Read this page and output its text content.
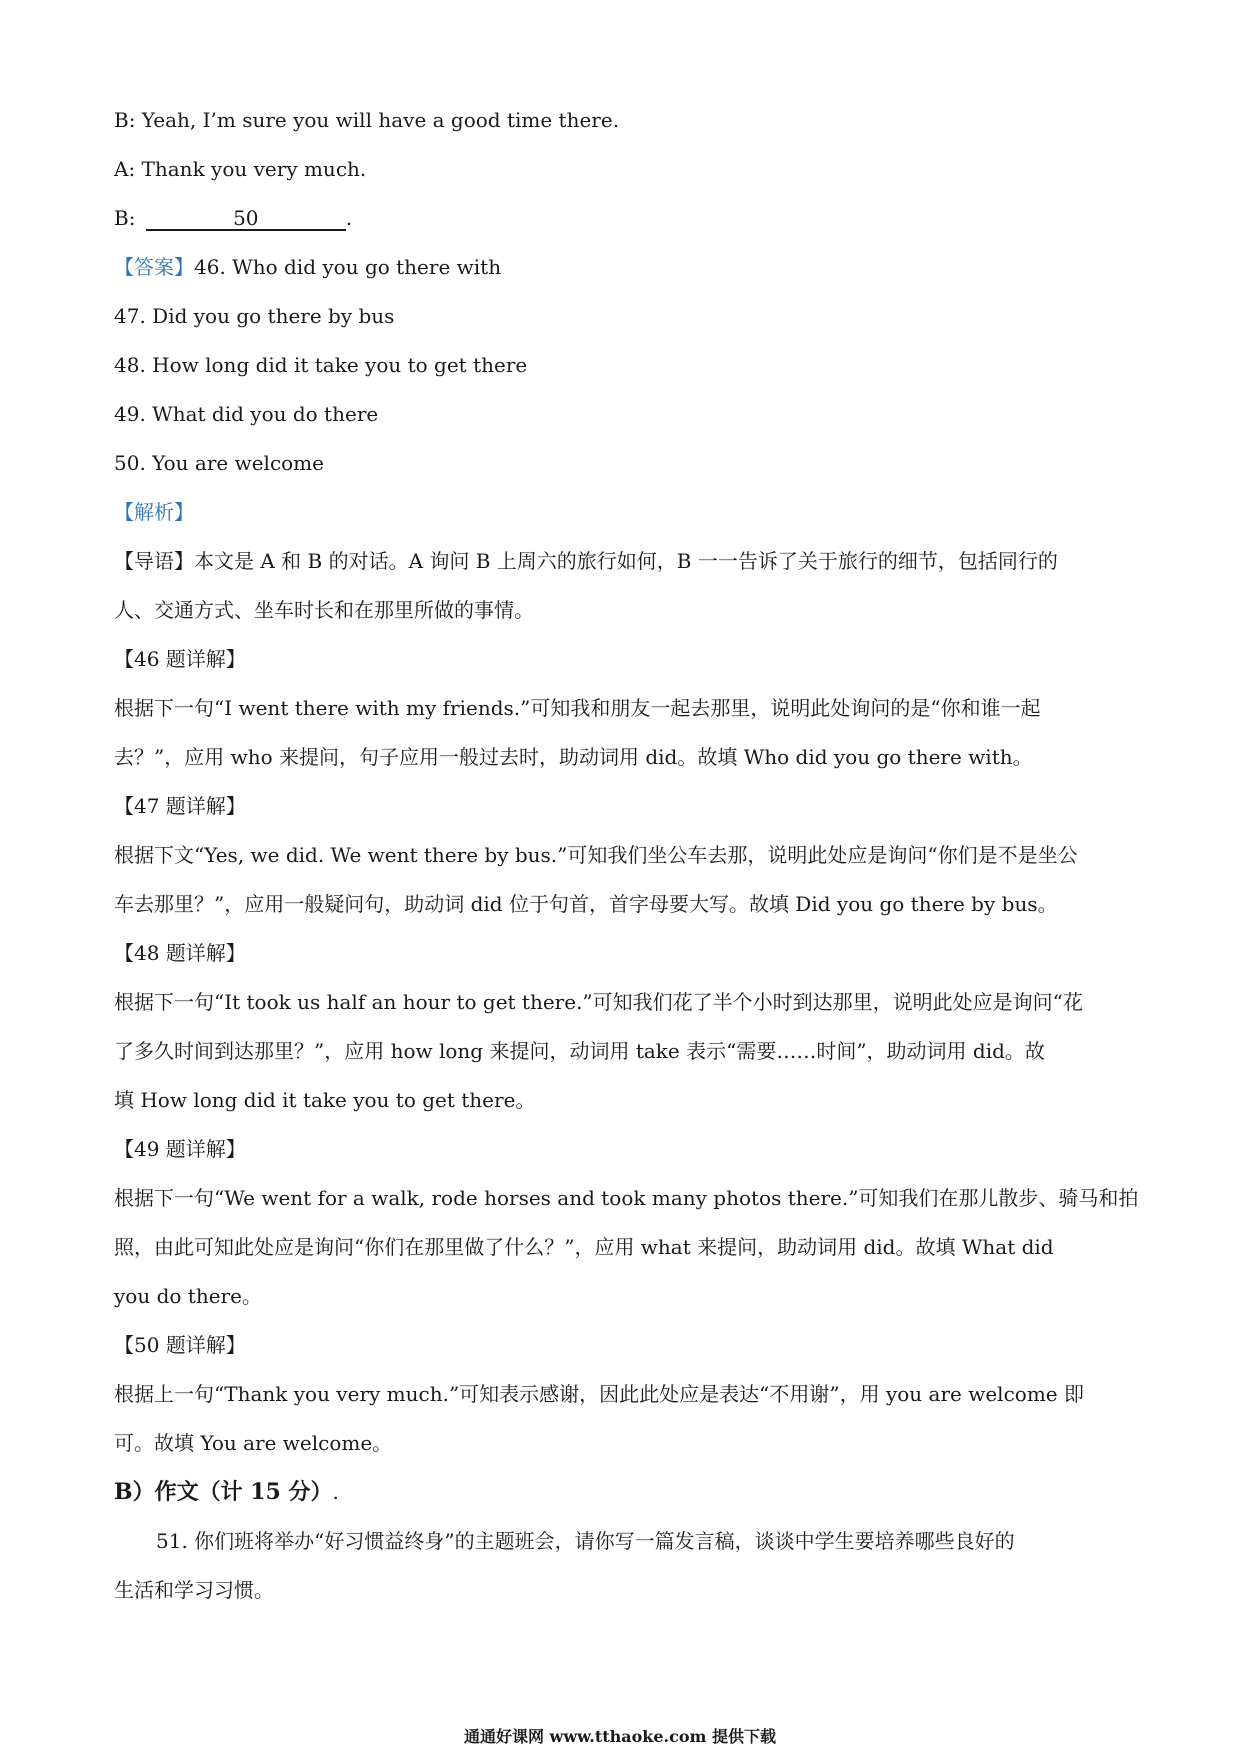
B: Yeah, I’m sure you will have a good time there.
A: Thank you very much.
B:	50	.
【答案】46. Who did you go there with
47. Did you go there by bus
48. How long did it take you to get there
49. What did you do there
50. You are welcome
【解析】
【导语】本文是 A 和 B 的对话。A 询问 B 上周六的旅行如何，B 一一告诉了关于旅行的细节，包括同行的
人、交通方式、坐车时长和在那里所做的事情。
【46 题详解】
根据下一句“I went there with my friends.”可知我和朋友一起去那里，说明此处询问的是“你和谁一起
去？”，应用 who 来提问，句子应用一般过去时，助动词用 did。故填 Who did you go there with。
【47 题详解】
根据下文“Yes, we did. We went there by bus.”可知我们坐公车去那，说明此处应是询问“你们是不是坐公
车去那里？”，应用一般疑问句，助动词 did 位于句首，首字母要大写。故填 Did you go there by bus。
【48 题详解】
根据下一句“It took us half an hour to get there.”可知我们花了半个小时到达那里，说明此处应是询问“花
了多久时间到达那里？”，应用 how long 来提问，动词用 take 表示“需要……时间”，助动词用 did。故
填 How long did it take you to get there。
【49 题详解】
根据下一句“We went for a walk, rode horses and took many photos there.”可知我们在那儿散步、骑马和拍
照，由此可知此处应是询问“你们在那里做了什么？”，应用 what 来提问，助动词用 did。故填 What did
you do there。
【50 题详解】
根据上一句“Thank you very much.”可知表示感谢，因此此处应是表达“不用谢”，用 you are welcome 即
可。故填 You are welcome。
B）作文（计 15 分）.
51. 你们班将举办“好习惯益终身”的主题班会，请你写一篇发言稿，谈谈中学生要培养哪些良好的
生活和学习习惯。
通通好课网 www.tthaoke.com 提供下载
